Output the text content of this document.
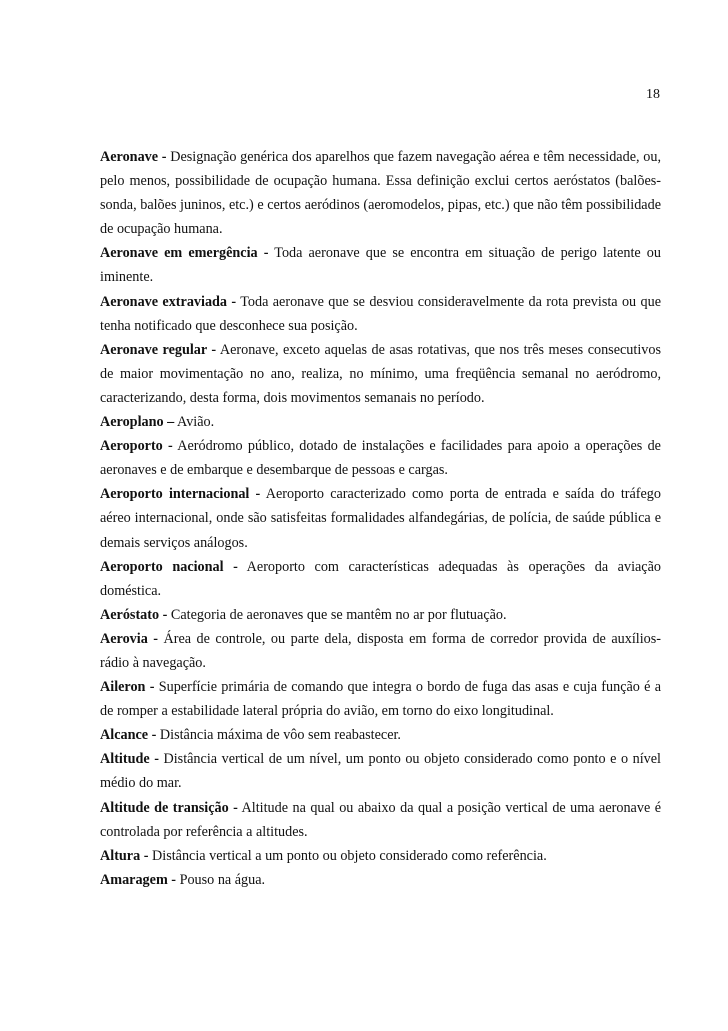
18

Aeronave - Designação genérica dos aparelhos que fazem navegação aérea e têm necessidade, ou, pelo menos, possibilidade de ocupação humana. Essa definição exclui certos aeróstatos (balões-sonda, balões juninos, etc.) e certos aeródinos (aeromodelos, pipas, etc.) que não têm possibilidade de ocupação humana.

Aeronave em emergência - Toda aeronave que se encontra em situação de perigo latente ou iminente.

Aeronave extraviada - Toda aeronave que se desviou consideravelmente da rota prevista ou que tenha notificado que desconhece sua posição.

Aeronave regular - Aeronave, exceto aquelas de asas rotativas, que nos três meses consecutivos de maior movimentação no ano, realiza, no mínimo, uma freqüência semanal no aeródromo, caracterizando, desta forma, dois movimentos semanais no período.

Aeroplano – Avião.

Aeroporto - Aeródromo público, dotado de instalações e facilidades para apoio a operações de aeronaves e de embarque e desembarque de pessoas e cargas.

Aeroporto internacional - Aeroporto caracterizado como porta de entrada e saída do tráfego aéreo internacional, onde são satisfeitas formalidades alfandegárias, de polícia, de saúde pública e demais serviços análogos.

Aeroporto nacional - Aeroporto com características adequadas às operações da aviação doméstica.

Aeróstato - Categoria de aeronaves que se mantêm no ar por flutuação.

Aerovia - Área de controle, ou parte dela, disposta em forma de corredor provida de auxílios-rádio à navegação.

Aileron - Superfície primária de comando que integra o bordo de fuga das asas e cuja função é a de romper a estabilidade lateral própria do avião, em torno do eixo longitudinal.

Alcance - Distância máxima de vôo sem reabastecer.

Altitude - Distância vertical de um nível, um ponto ou objeto considerado como ponto e o nível médio do mar.

Altitude de transição - Altitude na qual ou abaixo da qual a posição vertical de uma aeronave é controlada por referência a altitudes.

Altura - Distância vertical a um ponto ou objeto considerado como referência.

Amaragem - Pouso na água.
